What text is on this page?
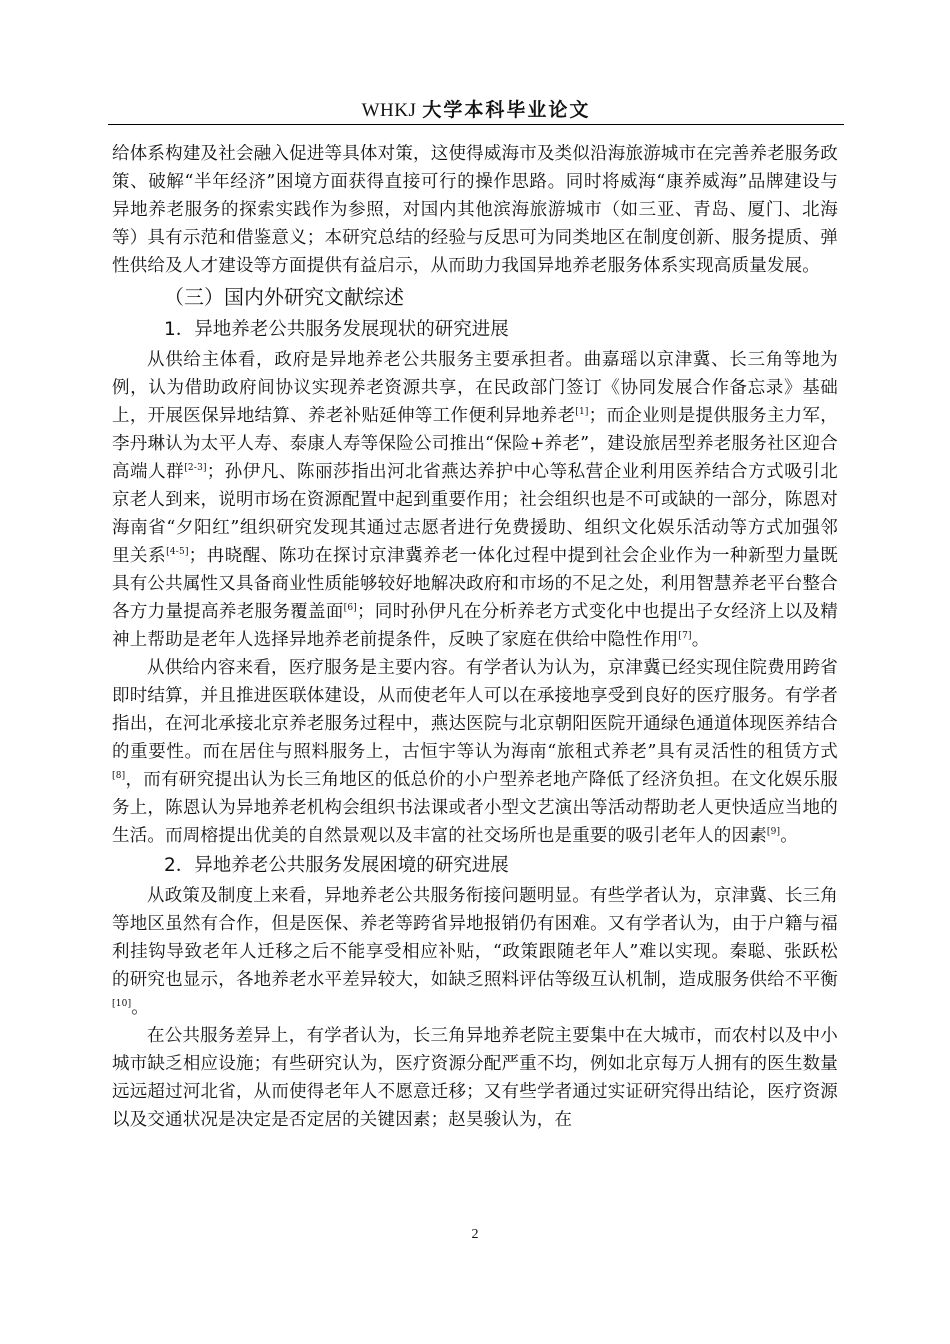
WHKJ 大学本科毕业论文

给体系构建及社会融入促进等具体对策，这使得威海市及类似沿海旅游城市在完善养老服务政策、破解“半年经济”困境方面获得直接可行的操作思路。同时将威海“康养威海”品牌建设与异地养老服务的探索实践作为参照，对国内其他滨海旅游城市（如三亚、青岛、厦门、北海等）具有示范和借鉴意义；本研究总结的经验与反思可为同类地区在制度创新、服务提质、弹性供给及人才建设等方面提供有益启示，从而助力我国异地养老服务体系实现高质量发展。

（三）国内外研究文献综述
1．异地养老公共服务发展现状的研究进展

从供给主体看，政府是异地养老公共服务主要承担者。曲嘉瑶以京津冀、长三角等地为例，认为借助政府间协议实现养老资源共享，在民政部门签订《协同发展合作备忘录》基础上，开展医保异地结算、养老补贴延伸等工作便利异地养老[1]；而企业则是提供服务主力军，李丹琳认为太平人寿、泰康人寿等保险公司推出“保险+养老”，建设旅居型养老服务社区迎合高端人群[2-3]；孙伊凡、陈丽莎指出河北省燕达养护中心等私营企业利用医养结合方式吸引北京老人到来，说明市场在资源配置中起到重要作用；社会组织也是不可或缺的一部分，陈恩对海南省“夕阳红”组织研究发现其通过志愿者进行免费援助、组织文化娱乐活动等方式加强邻里关系[4-5]；冉晓醒、陈功在探讨京津冀养老一体化过程中提到社会企业作为一种新型力量既具有公共属性又具备商业性质能够较好地解决政府和市场的不足之处，利用智慧养老平台整合各方力量提高养老服务覆盖面[6]；同时孙伊凡在分析养老方式变化中也提出子女经济上以及精神上帮助是老年人选择异地养老前提条件，反映了家庭在供给中隐性作用[7]。

从供给内容来看，医疗服务是主要内容。有学者认为认为，京津冀已经实现住院费用跨省即时结算，并且推进医联体建设，从而使老年人可以在承接地享受到良好的医疗服务。有学者指出，在河北承接北京养老服务过程中，燕达医院与北京朝阳医院开通绿色通道体现医养结合的重要性。而在居住与照料服务上，古恒宇等认为海南“旅租式养老”具有灵活性的租赁方式[8]，而有研究提出认为长三角地区的低总价的小户型养老地产降低了经济负担。在文化娱乐服务上，陈恩认为异地养老机构会组织书法课或者小型文艺演出等活动帮助老人更快适应当地的生活。而周榕提出优美的自然景观以及丰富的社交场所也是重要的吸引老年人的因素[9]。

2．异地养老公共服务发展困境的研究进展

从政策及制度上来看，异地养老公共服务衔接问题明显。有些学者认为，京津冀、长三角等地区虽然有合作，但是医保、养老等跨省异地报销仍有困难。又有学者认为，由于户籍与福利挂钩导致老年人迁移之后不能享受相应补贴，“政策跟随老年人”难以实现。秦聪、张跃松的研究也显示，各地养老水平差异较大，如缺乏照料评估等级互认机制，造成服务供给不平衡[10]。

在公共服务差异上，有学者认为，长三角异地养老院主要集中在大城市，而农村以及中小城市缺乏相应设施；有些研究认为，医疗资源分配严重不均，例如北京每万人拥有的医生数量远远超过河北省，从而使得老年人不愿意迁移；又有些学者通过实证研究得出结论，医疗资源以及交通状况是决定是否定居的关键因素；赵昊骏认为，在

2
